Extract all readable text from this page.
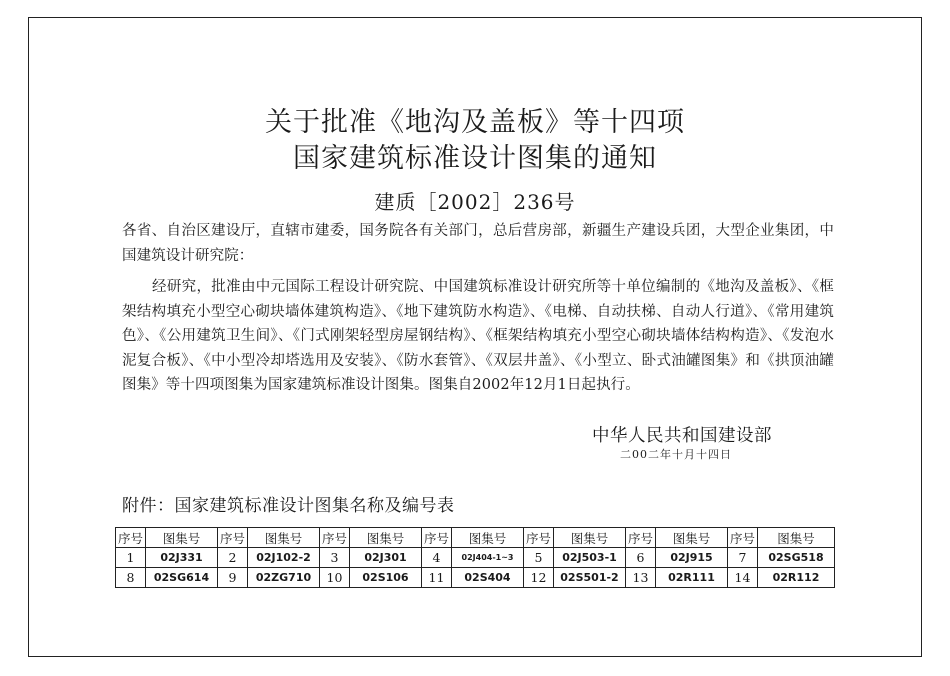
关于批准《地沟及盖板》等十四项
国家建筑标准设计图集的通知
建质［2002］236号
各省、自治区建设厅，直辖市建委，国务院各有关部门，总后营房部，新疆生产建设兵团，大型企业集团，中国建筑设计研究院：
经研究，批准由中元国际工程设计研究院、中国建筑标准设计研究所等十单位编制的《地沟及盖板》、《框架结构填充小型空心砌块墙体建筑构造》、《地下建筑防水构造》、《电梯、自动扶梯、自动人行道》、《常用建筑色》、《公用建筑卫生间》、《门式刚架轻型房屋钢结构》、《框架结构填充小型空心砌块墙体结构构造》、《发泡水泥复合板》、《中小型冷却塔选用及安装》、《防水套管》、《双层井盖》、《小型立、卧式油罐图集》和《拱顶油罐图集》等十四项图集为国家建筑标准设计图集。图集自2002年12月1日起执行。
中华人民共和国建设部
二00二年十月十四日
附件：国家建筑标准设计图集名称及编号表
序号	图集号	序号	图集号	序号	图集号	序号	图集号	序号	图集号	序号	图集号	序号	图集号
1	02J331	2	02J102-2	3	02J301	4	02J404-1~3	5	02J503-1	6	02J915	7	02SG518
8	02SG614	9	02ZG710	10	02S106	11	02S404	12	02S501-2	13	02R111	14	02R112
